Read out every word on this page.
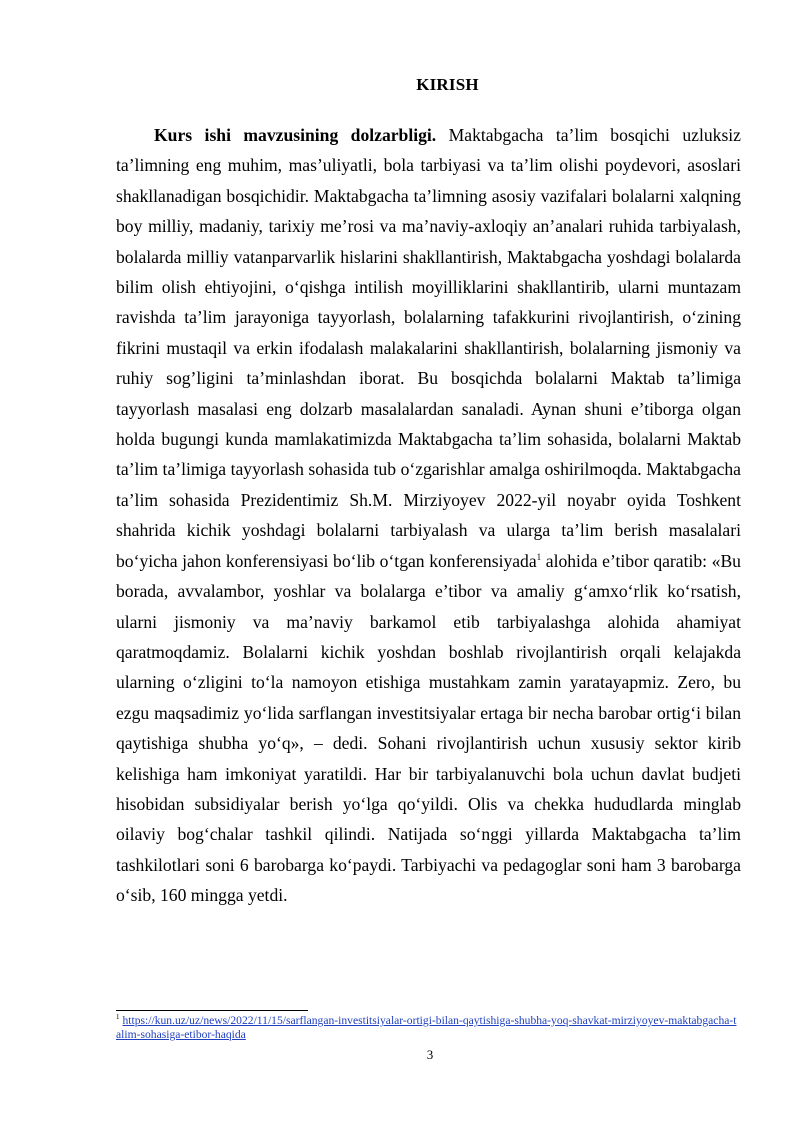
KIRISH

Kurs ishi mavzusining dolzarbligi. Maktabgacha ta’lim bosqichi uzluksiz ta’limning eng muhim, mas’uliyatli, bola tarbiyasi va ta’lim olishi poydevori, asoslari shakllanadigan bosqichidir. Maktabgacha ta’limning asosiy vazifalari bolalarni xalqning boy milliy, madaniy, tarixiy me’rosi va ma’naviy-axloqiy an’analari ruhida tarbiyalash, bolalarda milliy vatanparvarlik hislarini shakllantirish, Maktabgacha yoshdagi bolalarda bilim olish ehtiyojini, o‘qishga intilish moyilliklarini shakllantirib, ularni muntazam ravishda ta’lim jarayoniga tayyorlash, bolalarning tafakkurini rivojlantirish, o‘zining fikrini mustaqil va erkin ifodalash malakalarini shakllantirish, bolalarning jismoniy va ruhiy sog’ligini ta’minlashdan iborat. Bu bosqichda bolalarni Maktab ta’limiga tayyorlash masalasi eng dolzarb masalalardan sanaladi. Aynan shuni e’tiborga olgan holda bugungi kunda mamlakatimizda Maktabgacha ta’lim sohasida, bolalarni Maktab ta’lim ta’limiga tayyorlash sohasida tub o‘zgarishlar amalga oshirilmoqda. Maktabgacha ta’lim sohasida Prezidentimiz Sh.M. Mirziyoyev 2022-yil noyabr oyida Toshkent shahrida kichik yoshdagi bolalarni tarbiyalash va ularga ta’lim berish masalalari bo‘yicha jahon konferensiyasi bo‘lib o‘tgan konferensiyada$^1$ alohida e’tibor qaratib: «Bu borada, avvalambor, yoshlar va bolalarga e’tibor va amaliy g‘amxo‘rlik ko‘rsatish, ularni jismoniy va ma’naviy barkamol etib tarbiyalashga alohida ahamiyat qaratmoqdamiz. Bolalarni kichik yoshdan boshlab rivojlantirish orqali kelajakda ularning o‘zligini to‘la namoyon etishiga mustahkam zamin yaratayapmiz. Zero, bu ezgu maqsadimiz yo‘lida sarflangan investitsiyalar ertaga bir necha barobar ortig‘i bilan qaytishiga shubha yo‘q», – dedi. Sohani rivojlantirish uchun xususiy sektor kirib kelishiga ham imkoniyat yaratildi. Har bir tarbiyalanuvchi bola uchun davlat budjeti hisobidan subsidiyalar berish yo‘lga qo‘yildi. Olis va chekka hududlarda minglab oilaviy bog‘chalar tashkil qilindi. Natijada so‘nggi yillarda Maktabgacha ta’lim tashkilotlari soni 6 barobarga ko‘paydi. Tarbiyachi va pedagoglar soni ham 3 barobarga o‘sib, 160 mingga yetdi.

$^1$ https://kun.uz/uz/news/2022/11/15/sarflangan-investitsiyalar-ortigi-bilan-qaytishiga-shubha-yoq-shavkat-mirziyoyev-maktabgacha-talim-sohasiga-etibor-haqida

3
